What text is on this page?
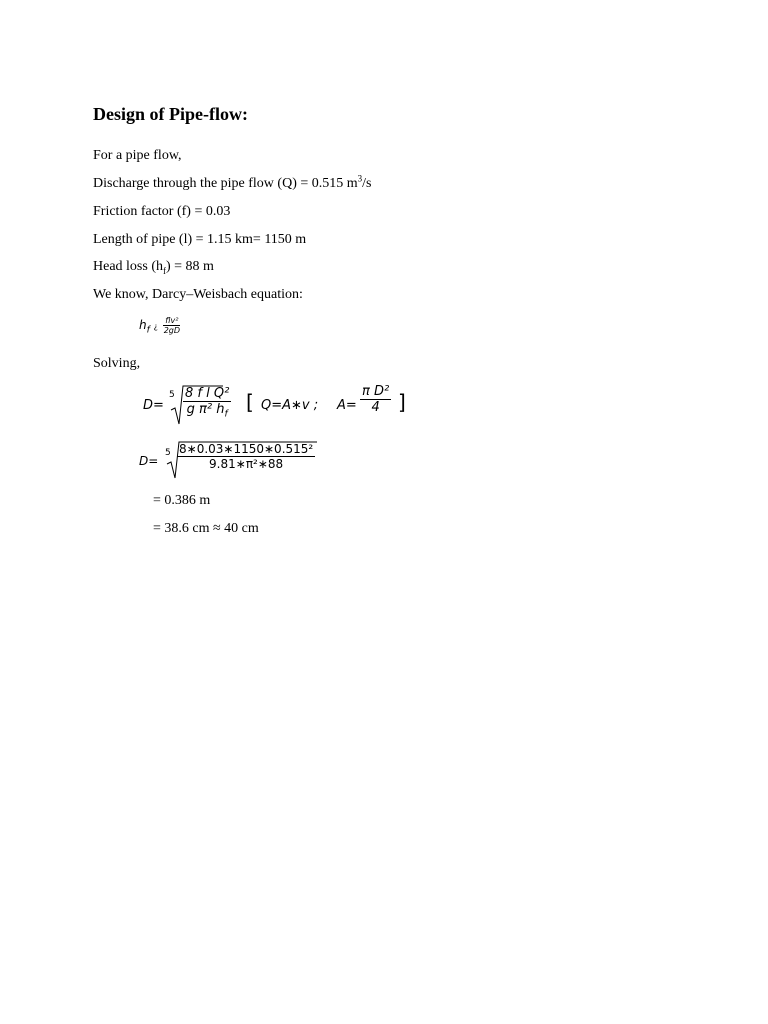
Design of Pipe-flow:
For a pipe flow,
Discharge through the pipe flow (Q) = 0.515 $m^3/s$
Friction factor (f) = 0.03
Length of pipe (l) = 1.15 km= 1150 m
Head loss $(h_f) = 88$ m
We know, Darcy–Weisbach equation:
$h_f$ ¿ $\frac{\text{flv²}}{2gD}$
Solving,
D=
$5 \frac{\text{8 f l Q²}}{g \pi^2 h_f}$ [ Q=A∗v ; $A= \frac{\text{π D²}}{4}$ ]
D=
$5 \frac{\text{8∗0.03∗1150∗0.515²}}{\text{9.81∗π²∗88}}$
= 0.386 m
= 38.6 cm ≈ 40 cm
